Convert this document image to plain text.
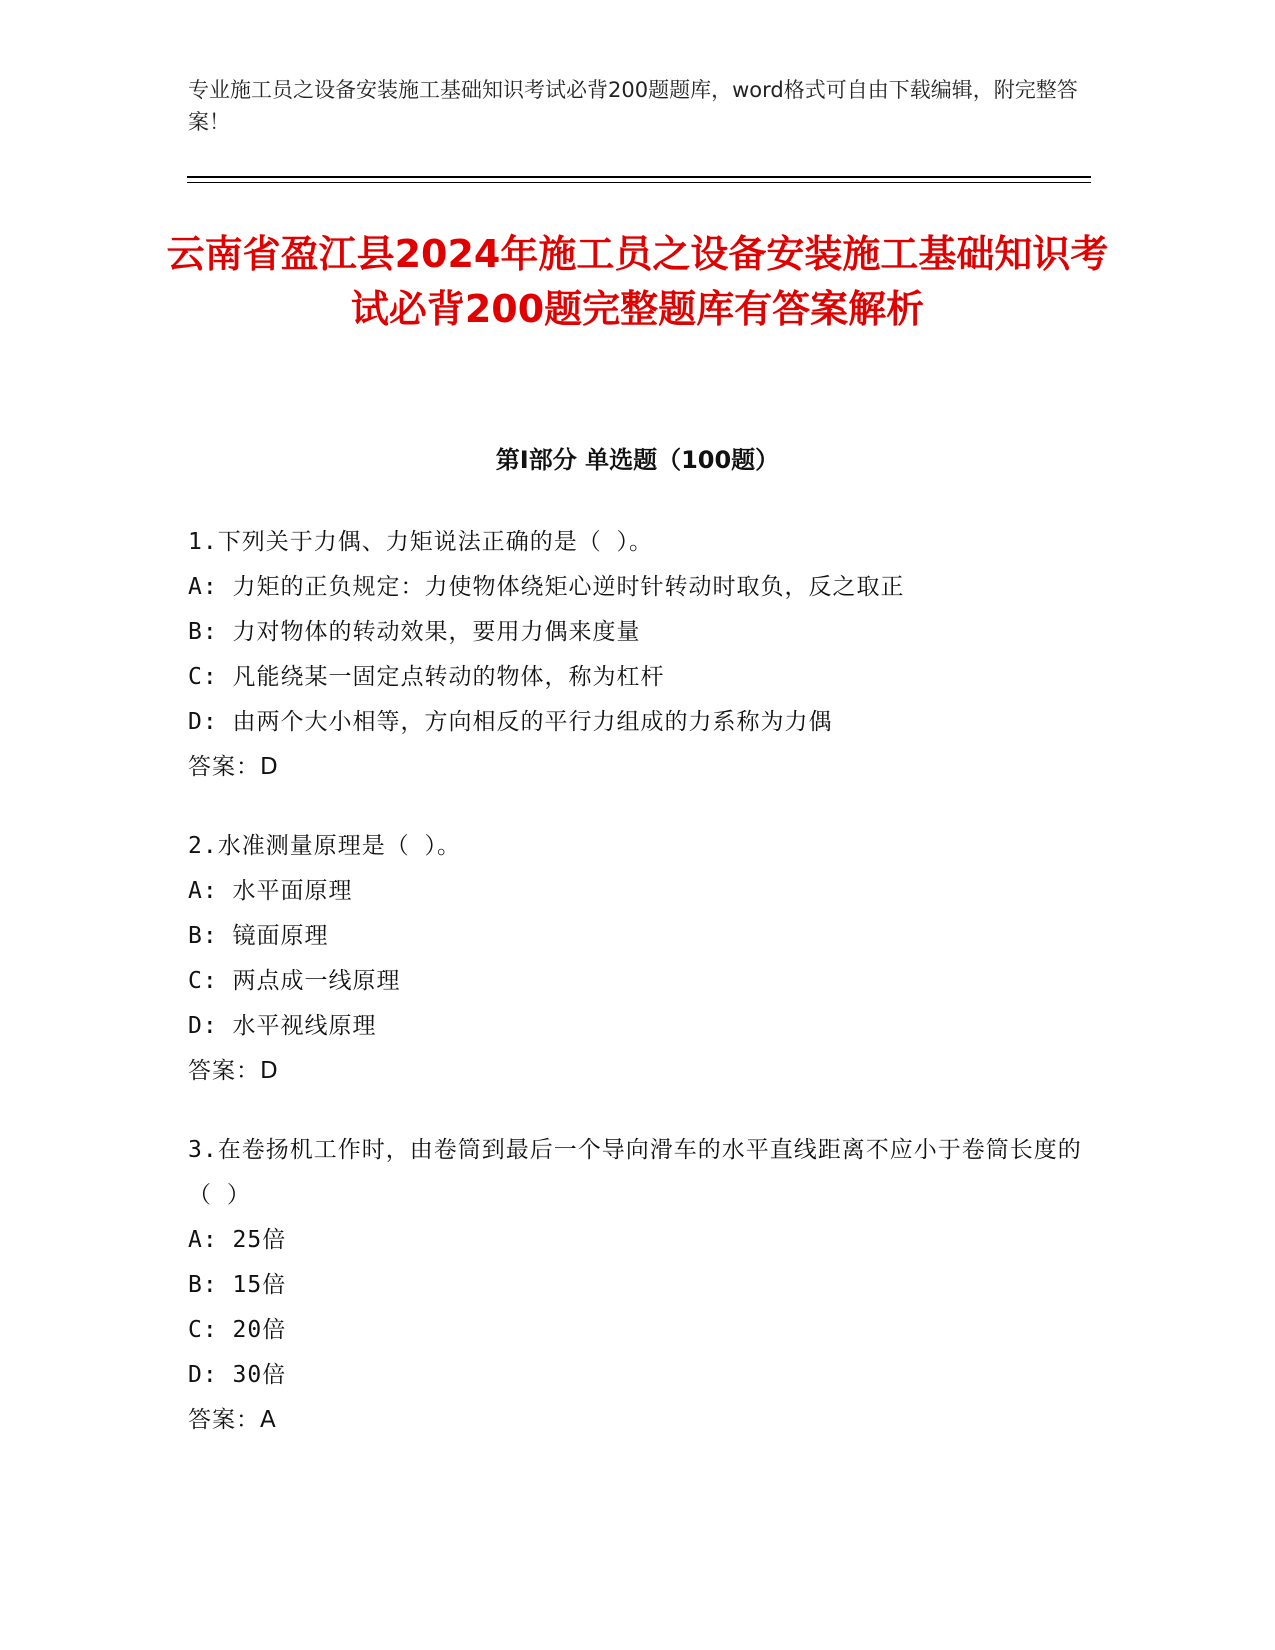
专业施工员之设备安装施工基础知识考试必背200题题库，word格式可自由下载编辑，附完整答案！
云南省盈江县2024年施工员之设备安装施工基础知识考试必背200题完整题库有答案解析
第I部分 单选题（100题）

1.下列关于力偶、力矩说法正确的是（ ）。

A: 力矩的正负规定：力使物体绕矩心逆时针转动时取负，反之取正

B: 力对物体的转动效果，要用力偶来度量

C: 凡能绕某一固定点转动的物体，称为杠杆

D: 由两个大小相等，方向相反的平行力组成的力系称为力偶

答案：D

2.水准测量原理是（ ）。

A: 水平面原理

B: 镜面原理

C: 两点成一线原理

D: 水平视线原理

答案：D

3.在卷扬机工作时，由卷筒到最后一个导向滑车的水平直线距离不应小于卷筒长度的（ ）

A: 25倍

B: 15倍

C: 20倍

D: 30倍

答案：A
